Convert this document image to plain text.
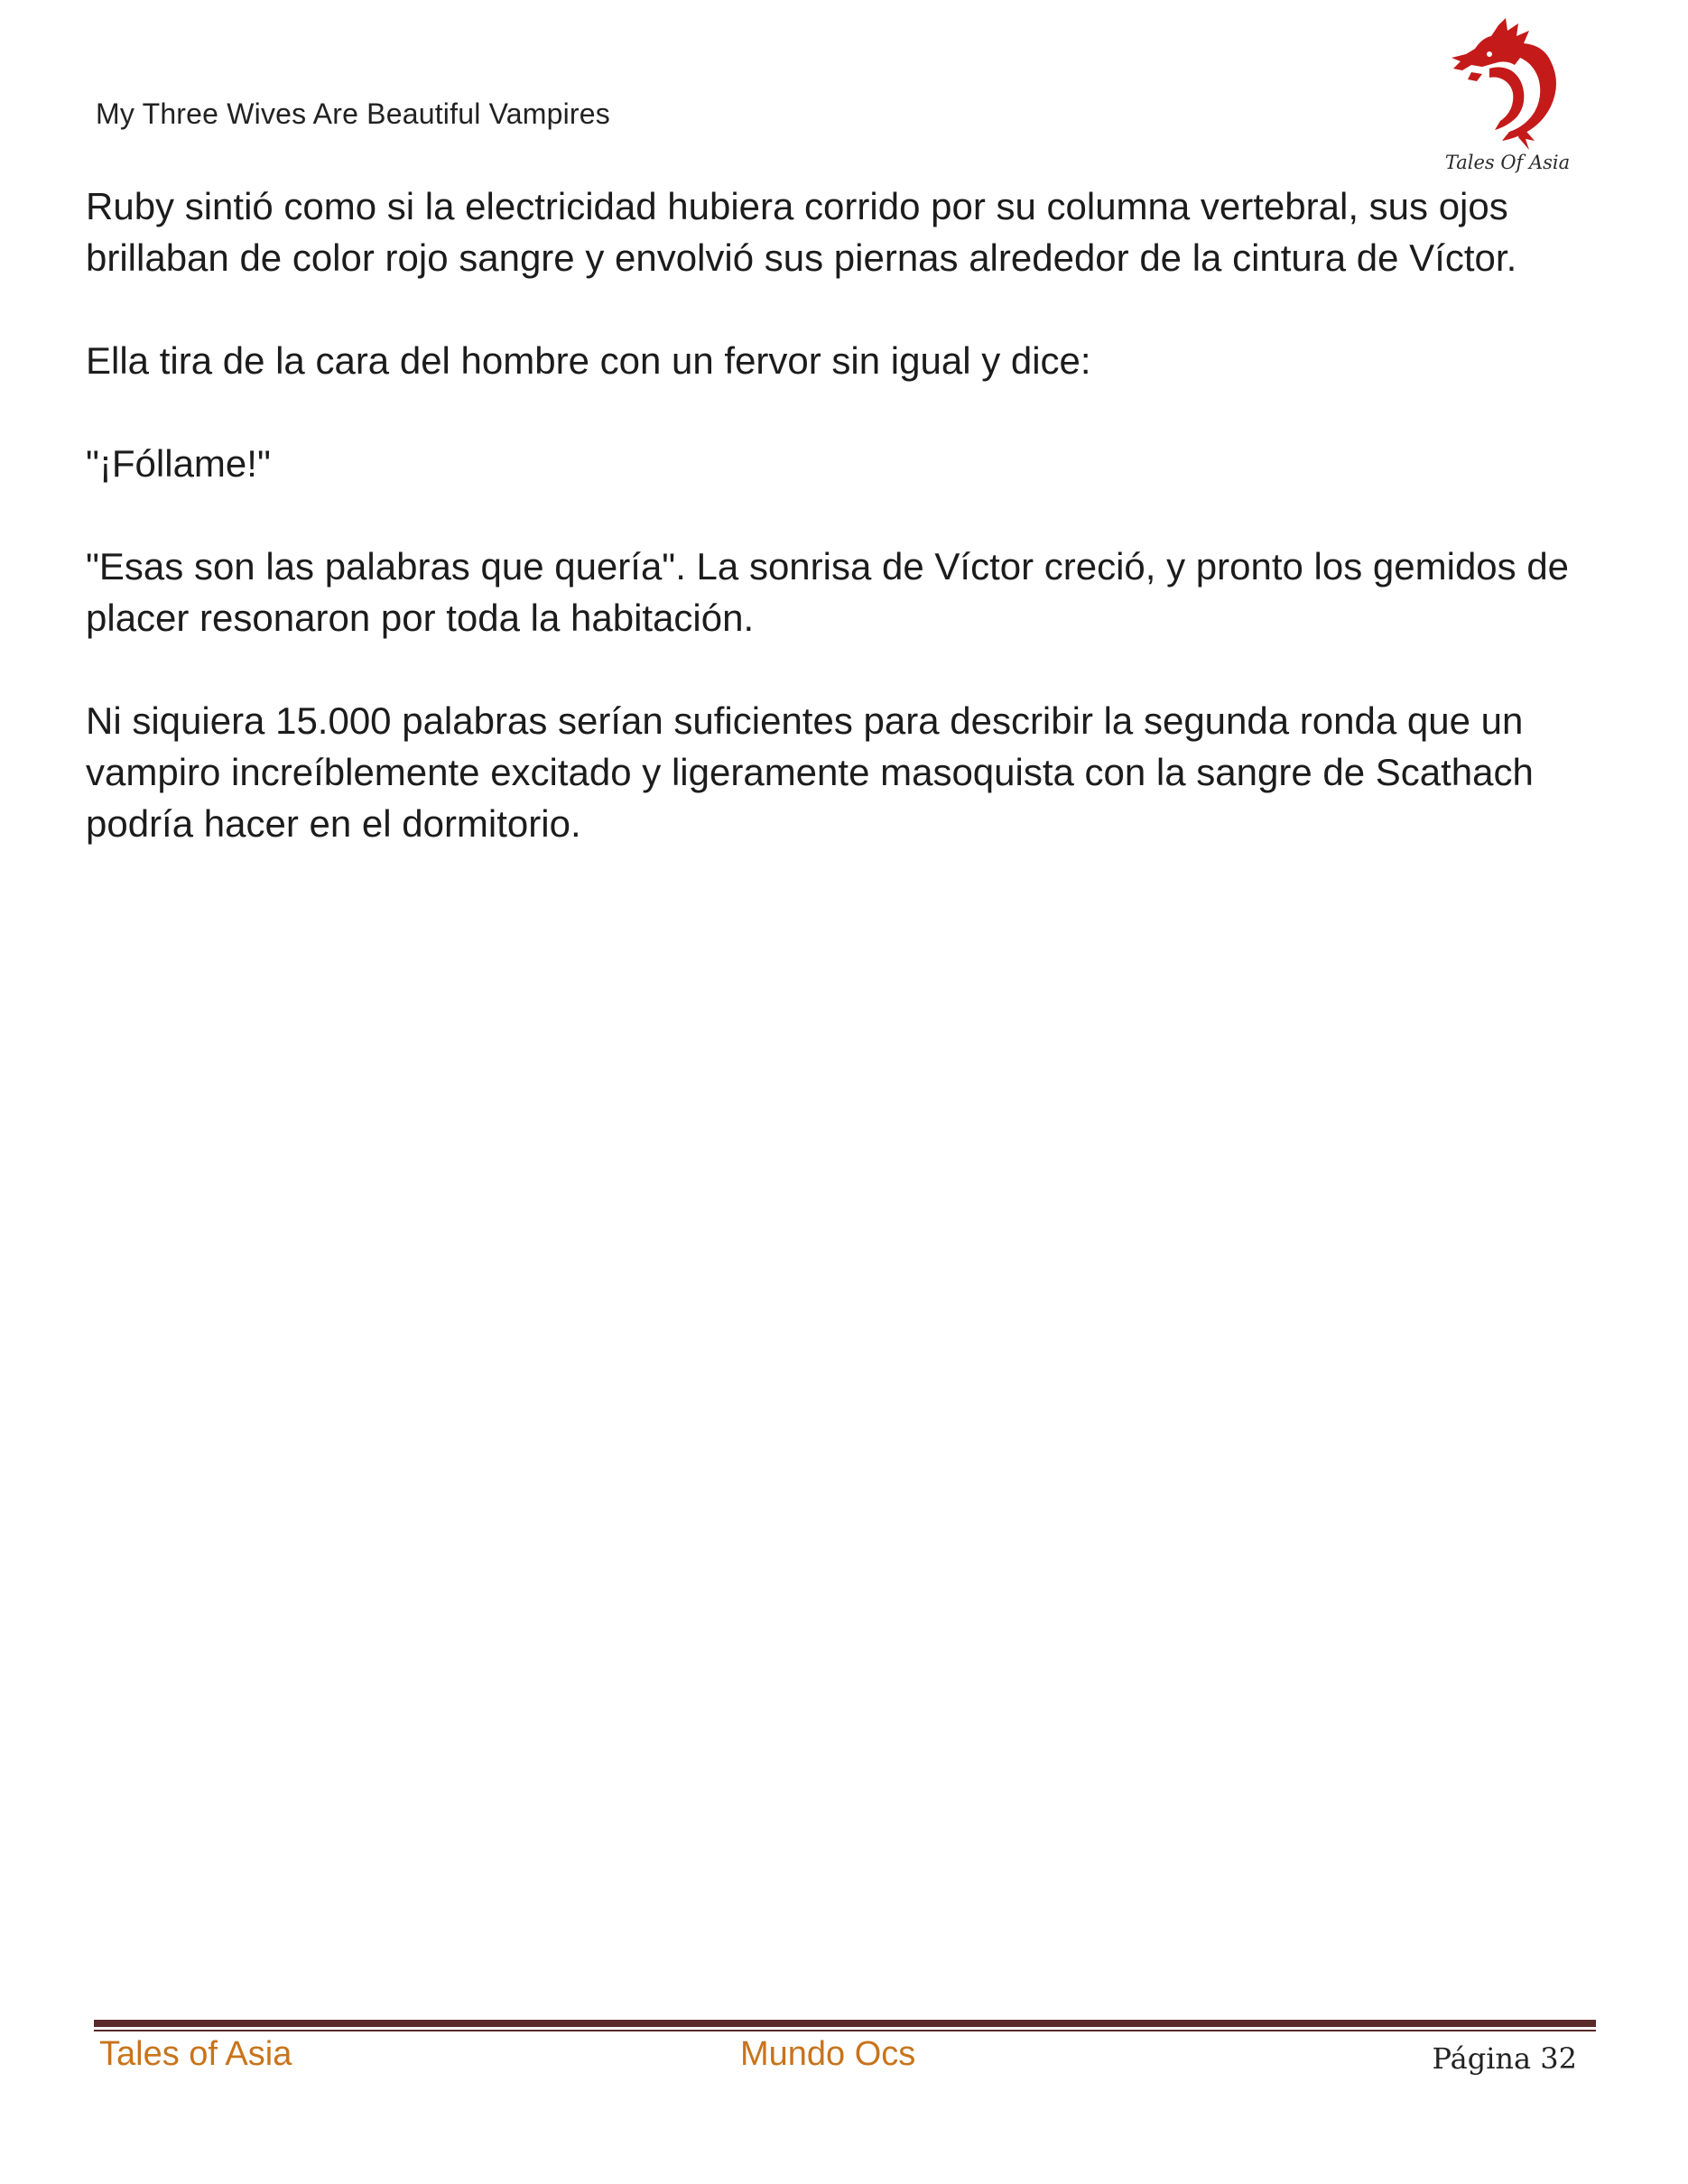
My Three Wives Are Beautiful Vampires
Tales Of Asia

Ruby sintió como si la electricidad hubiera corrido por su columna vertebral, sus ojos brillaban de color rojo sangre y envolvió sus piernas alrededor de la cintura de Víctor.

Ella tira de la cara del hombre con un fervor sin igual y dice:

"¡Fóllame!"

"Esas son las palabras que quería". La sonrisa de Víctor creció, y pronto los gemidos de placer resonaron por toda la habitación.

Ni siquiera 15.000 palabras serían suficientes para describir la segunda ronda que un vampiro increíblemente excitado y ligeramente masoquista con la sangre de Scathach podría hacer en el dormitorio.

Tales of Asia	Mundo Ocs	Página 32
